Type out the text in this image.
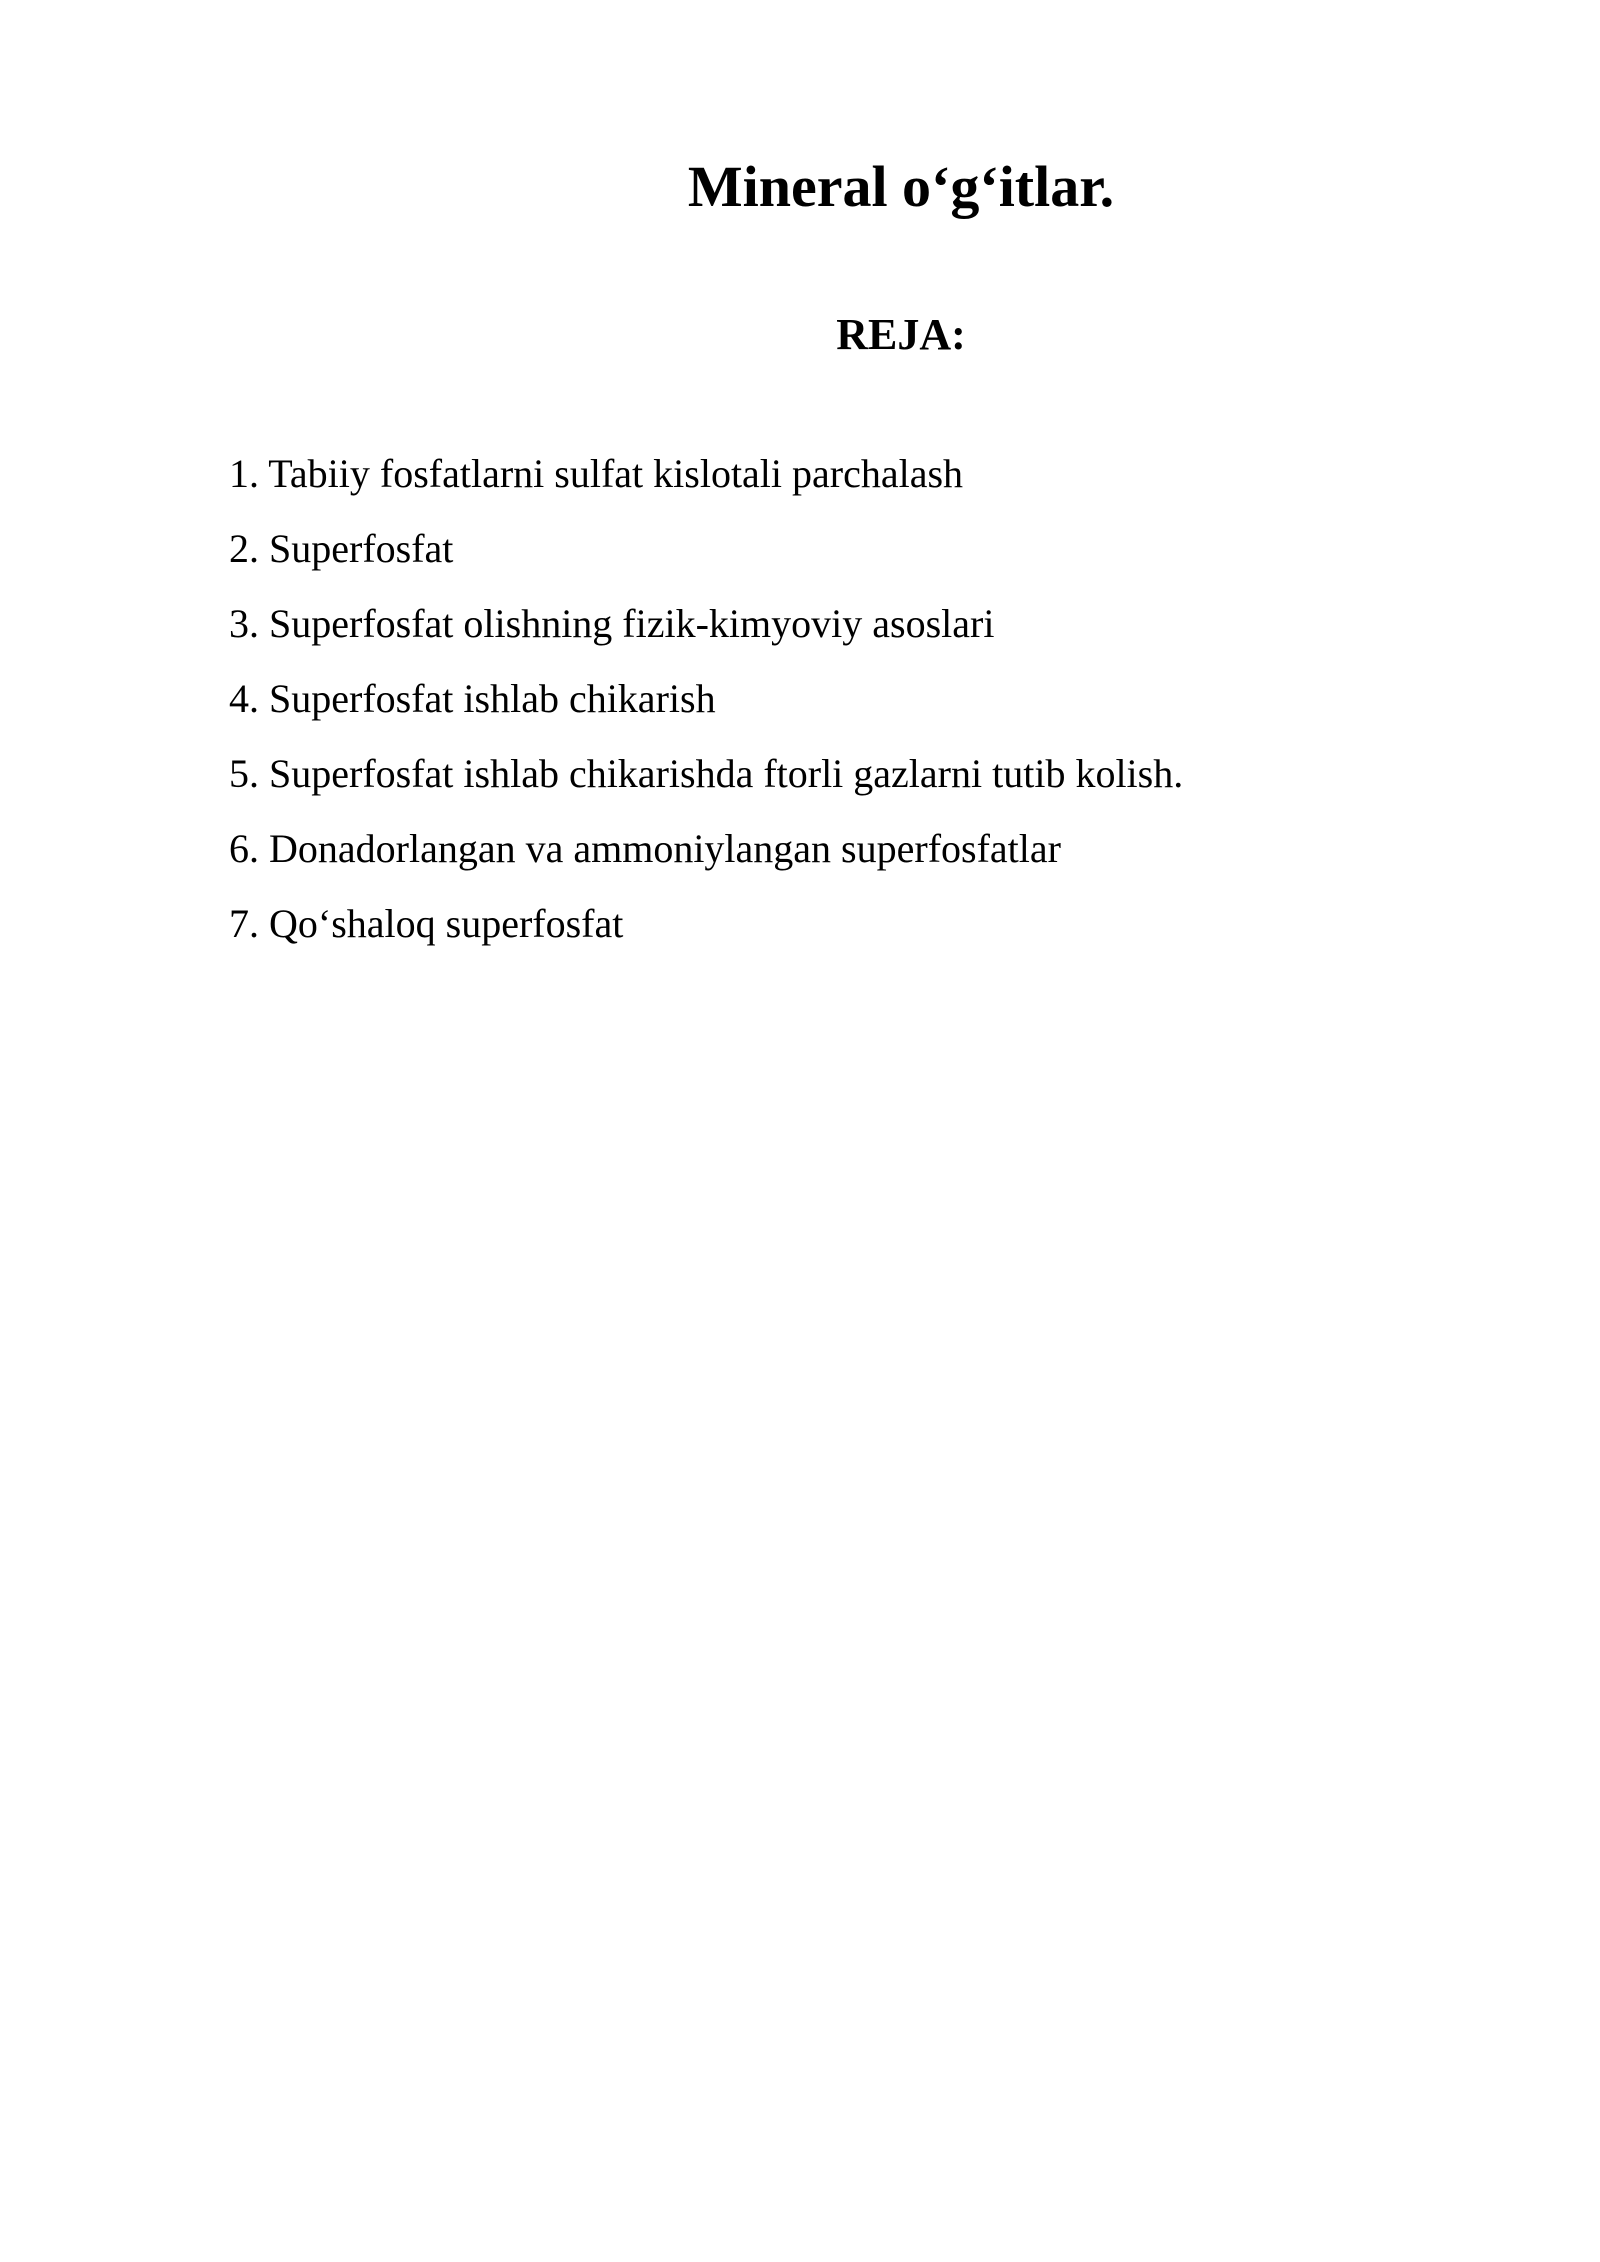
Mineral o‘g‘itlar.
REJA:
1. Tabiiy fosfatlarni sulfat kislotali parchalash
2. Superfosfat
3. Superfosfat olishning fizik-kimyoviy asoslari
4. Superfosfat ishlab chikarish
5. Superfosfat ishlab chikarishda ftorli gazlarni tutib kolish.
6. Donadorlangan va ammoniylangan superfosfatlar
7. Qo‘shaloq superfosfat
